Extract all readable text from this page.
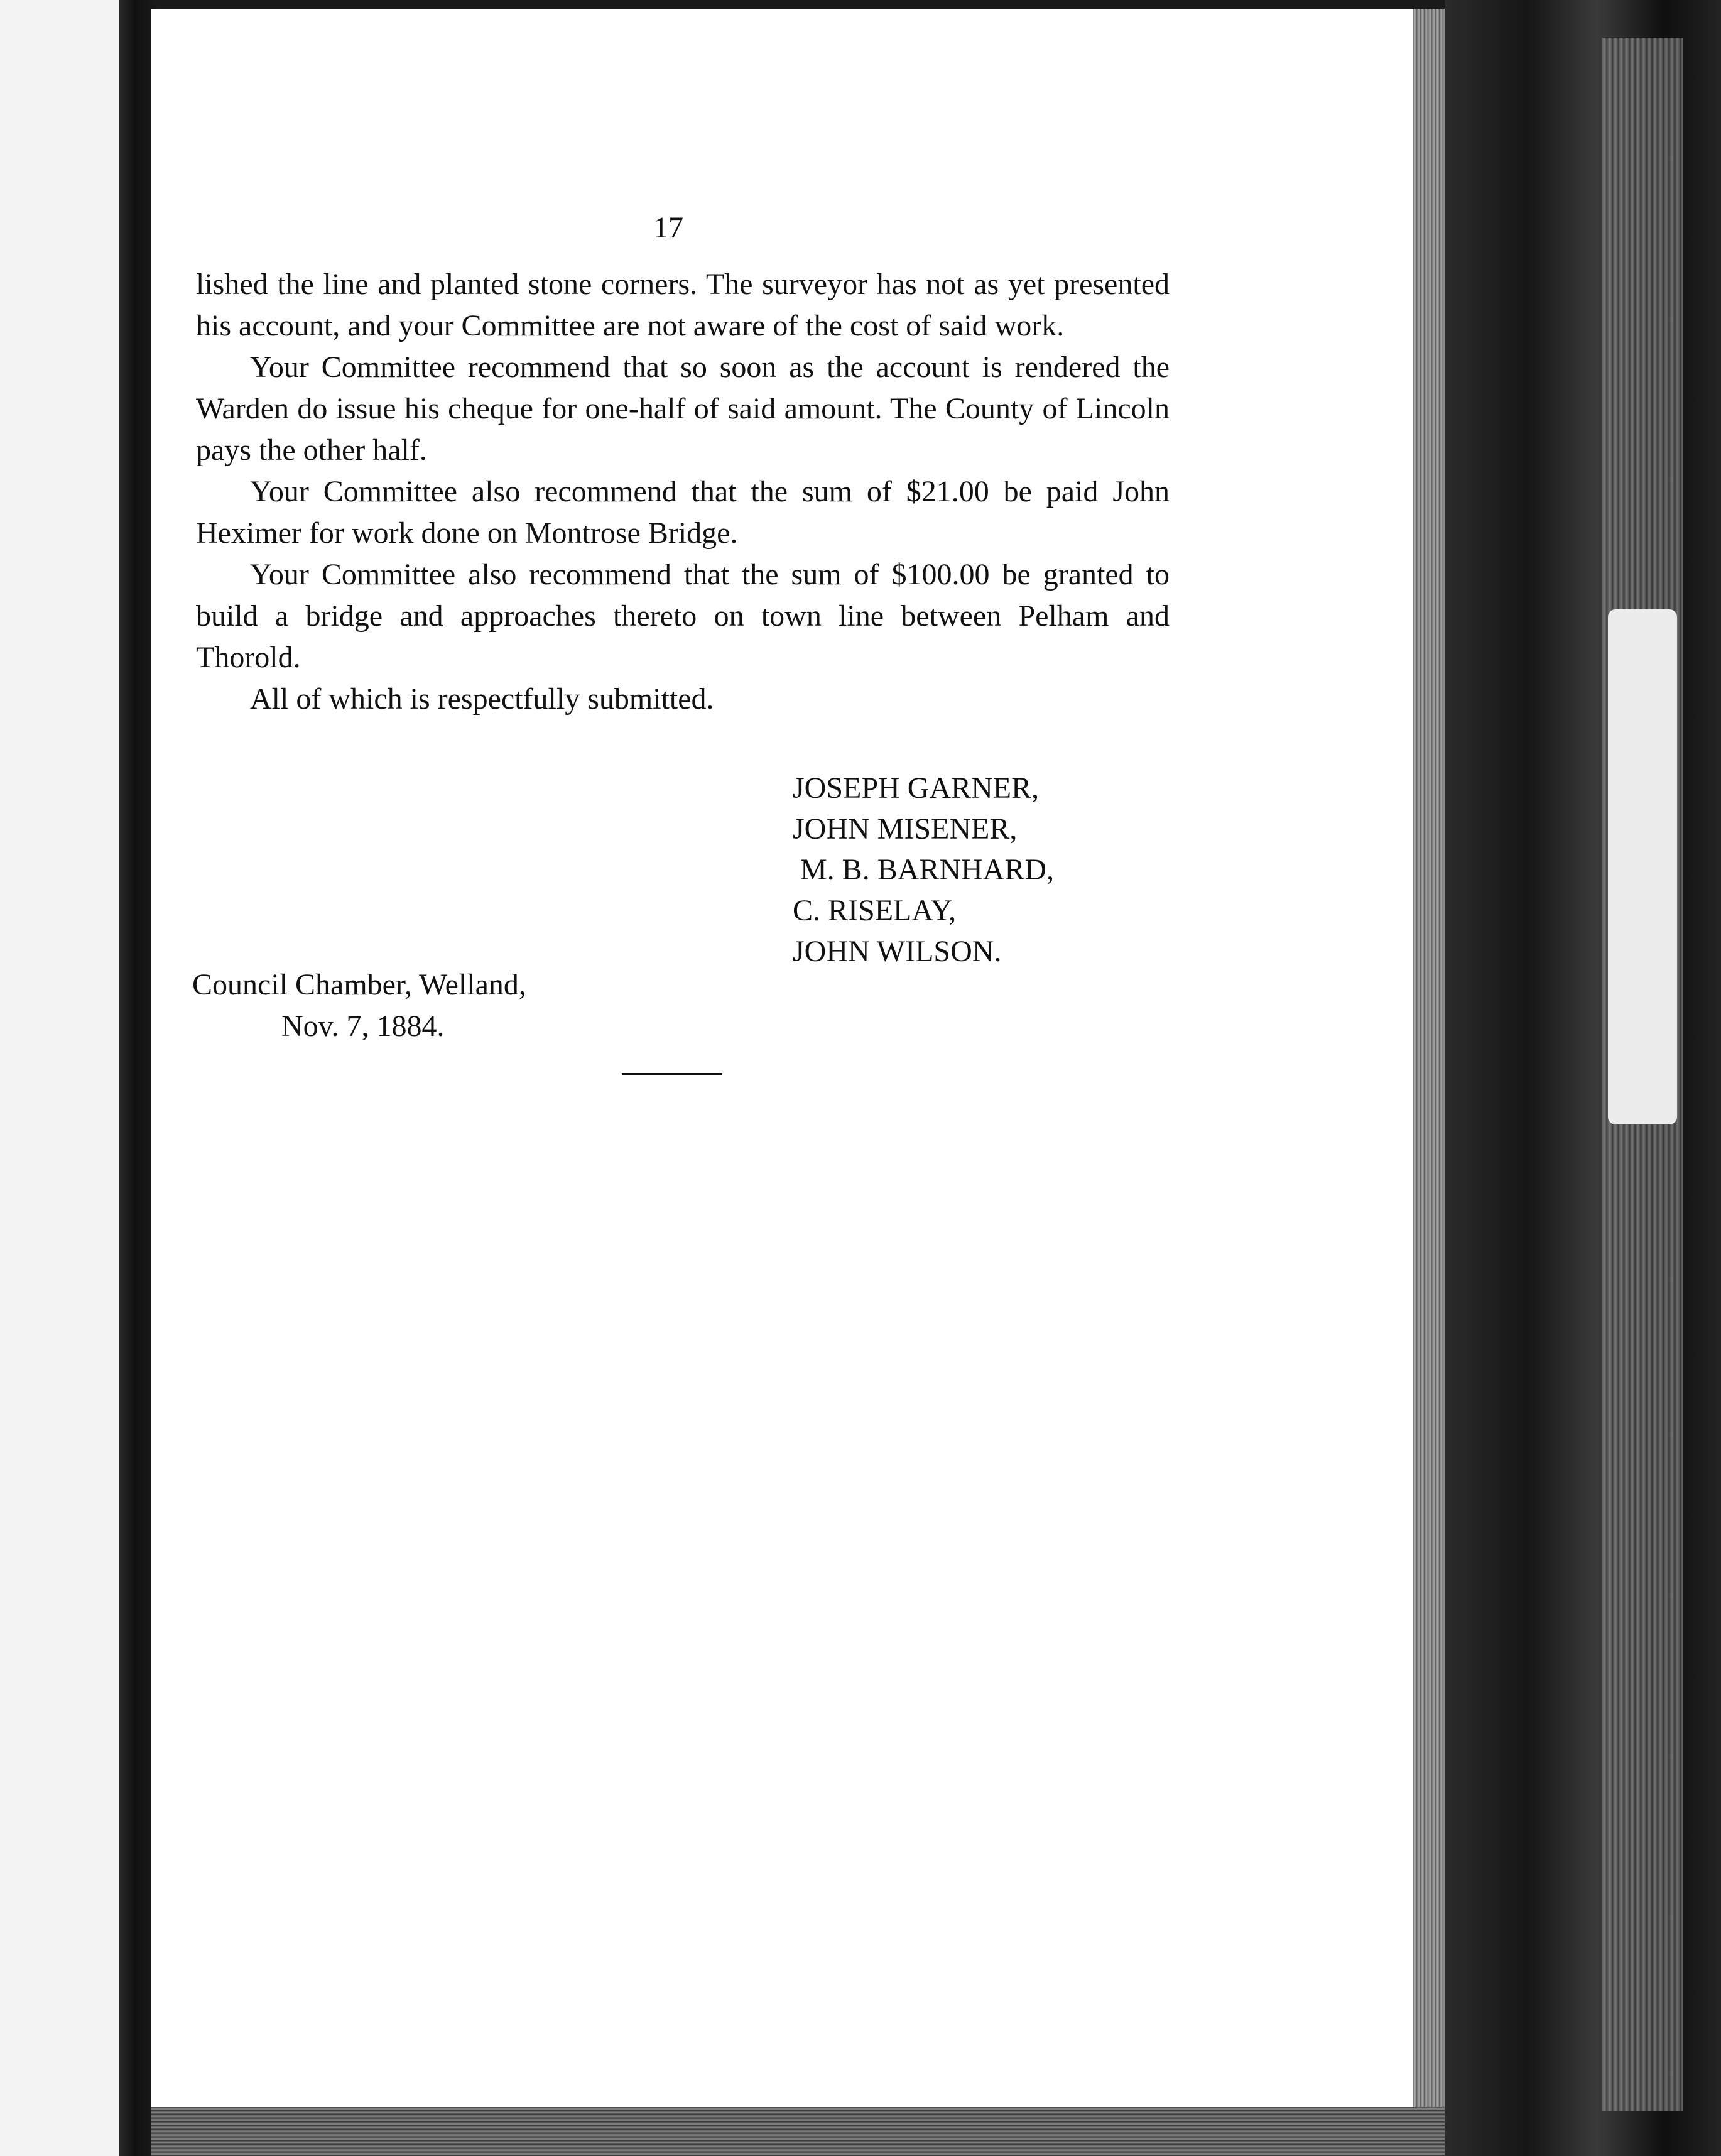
17

lished the line and planted stone corners. The surveyor has not as yet presented his account, and your Committee are not aware of the cost of said work.

Your Committee recommend that so soon as the account is rendered the Warden do issue his cheque for one-half of said amount. The County of Lincoln pays the other half.

Your Committee also recommend that the sum of $21.00 be paid John Heximer for work done on Montrose Bridge.

Your Committee also recommend that the sum of $100.00 be granted to build a bridge and approaches thereto on town line between Pelham and Thorold.

All of which is respectfully submitted.

JOSEPH GARNER,
JOHN MISENER,
M. B. BARNHARD,
C. RISELAY,
JOHN WILSON.
Council Chamber, Welland,
Nov. 7, 1884.
